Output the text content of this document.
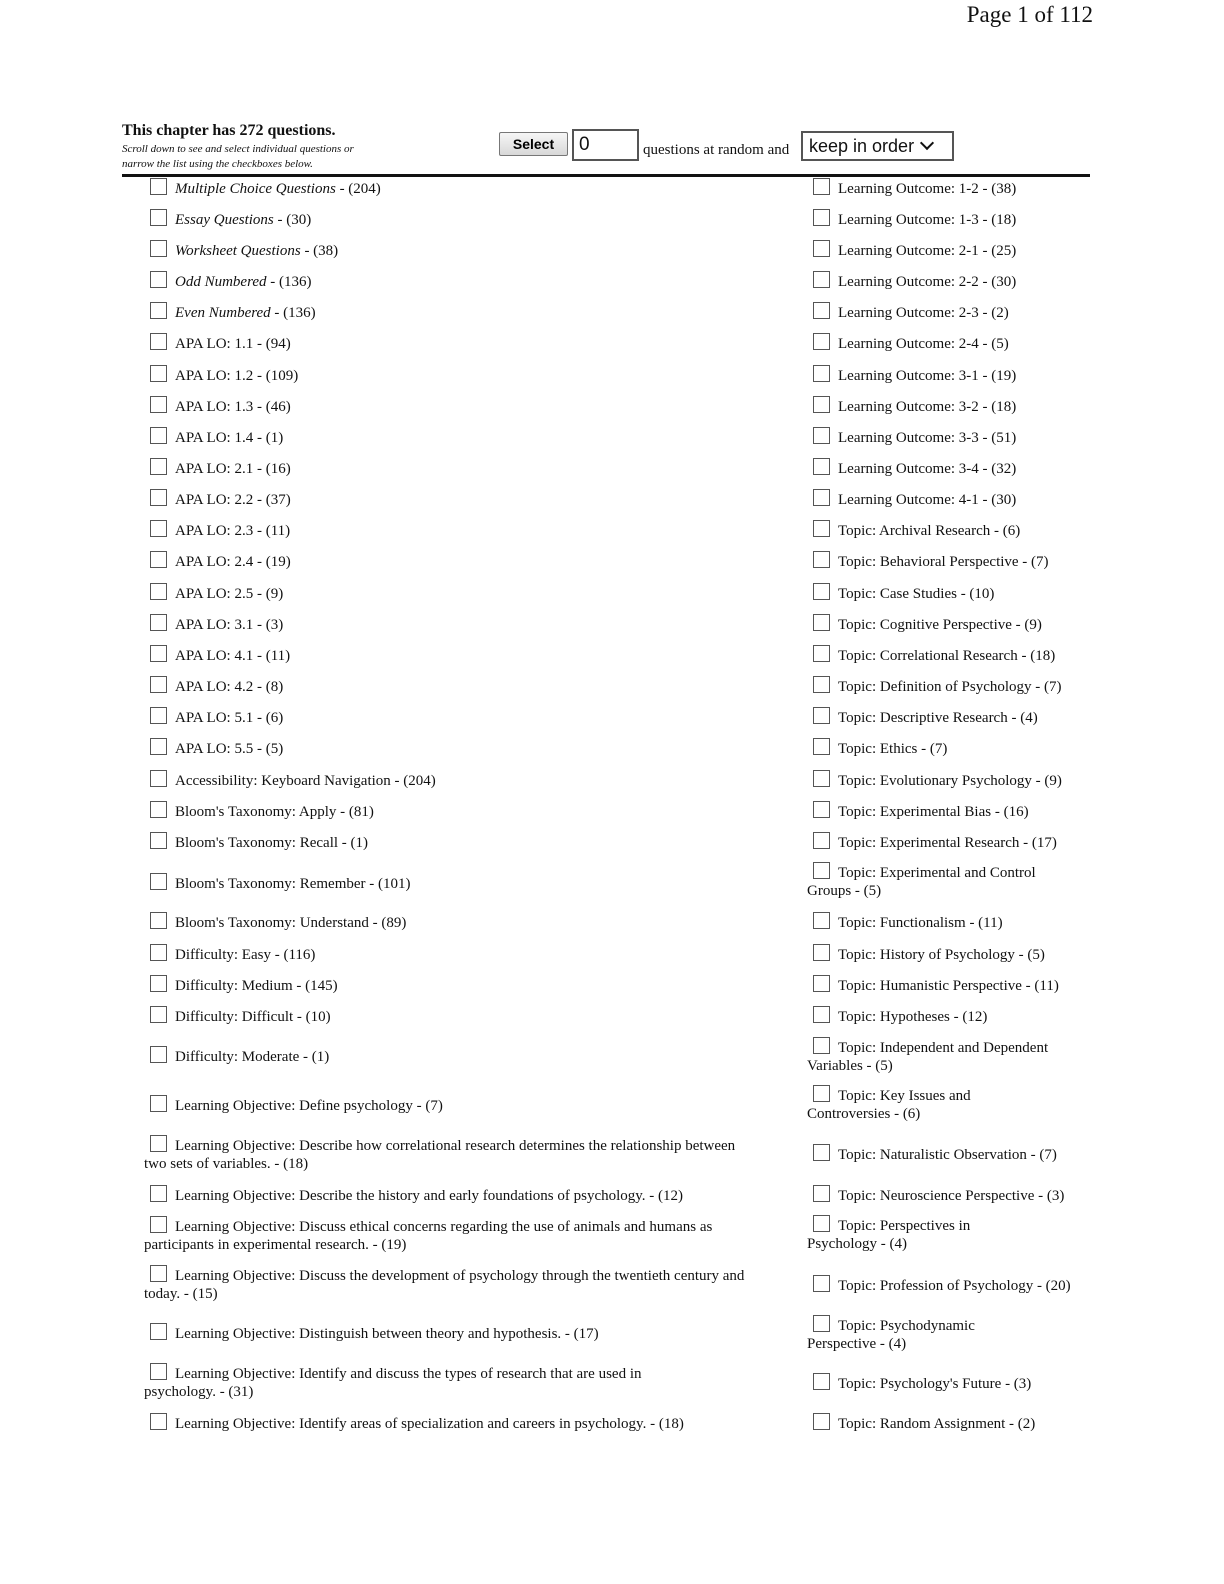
Page 1 of 112
This chapter has 272 questions.
Scroll down to see and select individual questions or
narrow the list using the checkboxes below.
Select
0	questions at random and	keep in order
Multiple Choice Questions - (204)
Essay Questions - (30)
Worksheet Questions - (38)
Odd Numbered - (136)
Even Numbered - (136)
APA LO: 1.1 - (94)
APA LO: 1.2 - (109)
APA LO: 1.3 - (46)
APA LO: 1.4 - (1)
APA LO: 2.1 - (16)
APA LO: 2.2 - (37)
APA LO: 2.3 - (11)
APA LO: 2.4 - (19)
APA LO: 2.5 - (9)
APA LO: 3.1 - (3)
APA LO: 4.1 - (11)
APA LO: 4.2 - (8)
APA LO: 5.1 - (6)
APA LO: 5.5 - (5)
Accessibility: Keyboard Navigation - (204)
Bloom's Taxonomy: Apply - (81)
Bloom's Taxonomy: Recall - (1)
Bloom's Taxonomy: Remember - (101)
Bloom's Taxonomy: Understand - (89)
Difficulty: Easy - (116)
Difficulty: Medium - (145)
Difficulty: Difficult - (10)
Difficulty: Moderate - (1)
Learning Objective: Define psychology - (7)
Learning Objective: Describe how correlational research determines the relationship between
two sets of variables. - (18)
Learning Objective: Describe the history and early foundations of psychology. - (12)
Learning Objective: Discuss ethical concerns regarding the use of animals and humans as
participants in experimental research. - (19)
Learning Objective: Discuss the development of psychology through the twentieth century and
today. - (15)
Learning Objective: Distinguish between theory and hypothesis. - (17)
Learning Objective: Identify and discuss the types of research that are used in
psychology. - (31)
Learning Objective: Identify areas of specialization and careers in psychology. - (18)
Learning Outcome: 1-2 - (38)
Learning Outcome: 1-3 - (18)
Learning Outcome: 2-1 - (25)
Learning Outcome: 2-2 - (30)
Learning Outcome: 2-3 - (2)
Learning Outcome: 2-4 - (5)
Learning Outcome: 3-1 - (19)
Learning Outcome: 3-2 - (18)
Learning Outcome: 3-3 - (51)
Learning Outcome: 3-4 - (32)
Learning Outcome: 4-1 - (30)
Topic: Archival Research - (6)
Topic: Behavioral Perspective - (7)
Topic: Case Studies - (10)
Topic: Cognitive Perspective - (9)
Topic: Correlational Research - (18)
Topic: Definition of Psychology - (7)
Topic: Descriptive Research - (4)
Topic: Ethics - (7)
Topic: Evolutionary Psychology - (9)
Topic: Experimental Bias - (16)
Topic: Experimental Research - (17)
Topic: Experimental and Control
Groups - (5)
Topic: Functionalism - (11)
Topic: History of Psychology - (5)
Topic: Humanistic Perspective - (11)
Topic: Hypotheses - (12)
Topic: Independent and Dependent
Variables - (5)
Topic: Key Issues and
Controversies - (6)
Topic: Naturalistic Observation - (7)
Topic: Neuroscience Perspective - (3)
Topic: Perspectives in
Psychology - (4)
Topic: Profession of Psychology - (20)
Topic: Psychodynamic
Perspective - (4)
Topic: Psychology's Future - (3)
Topic: Random Assignment - (2)
